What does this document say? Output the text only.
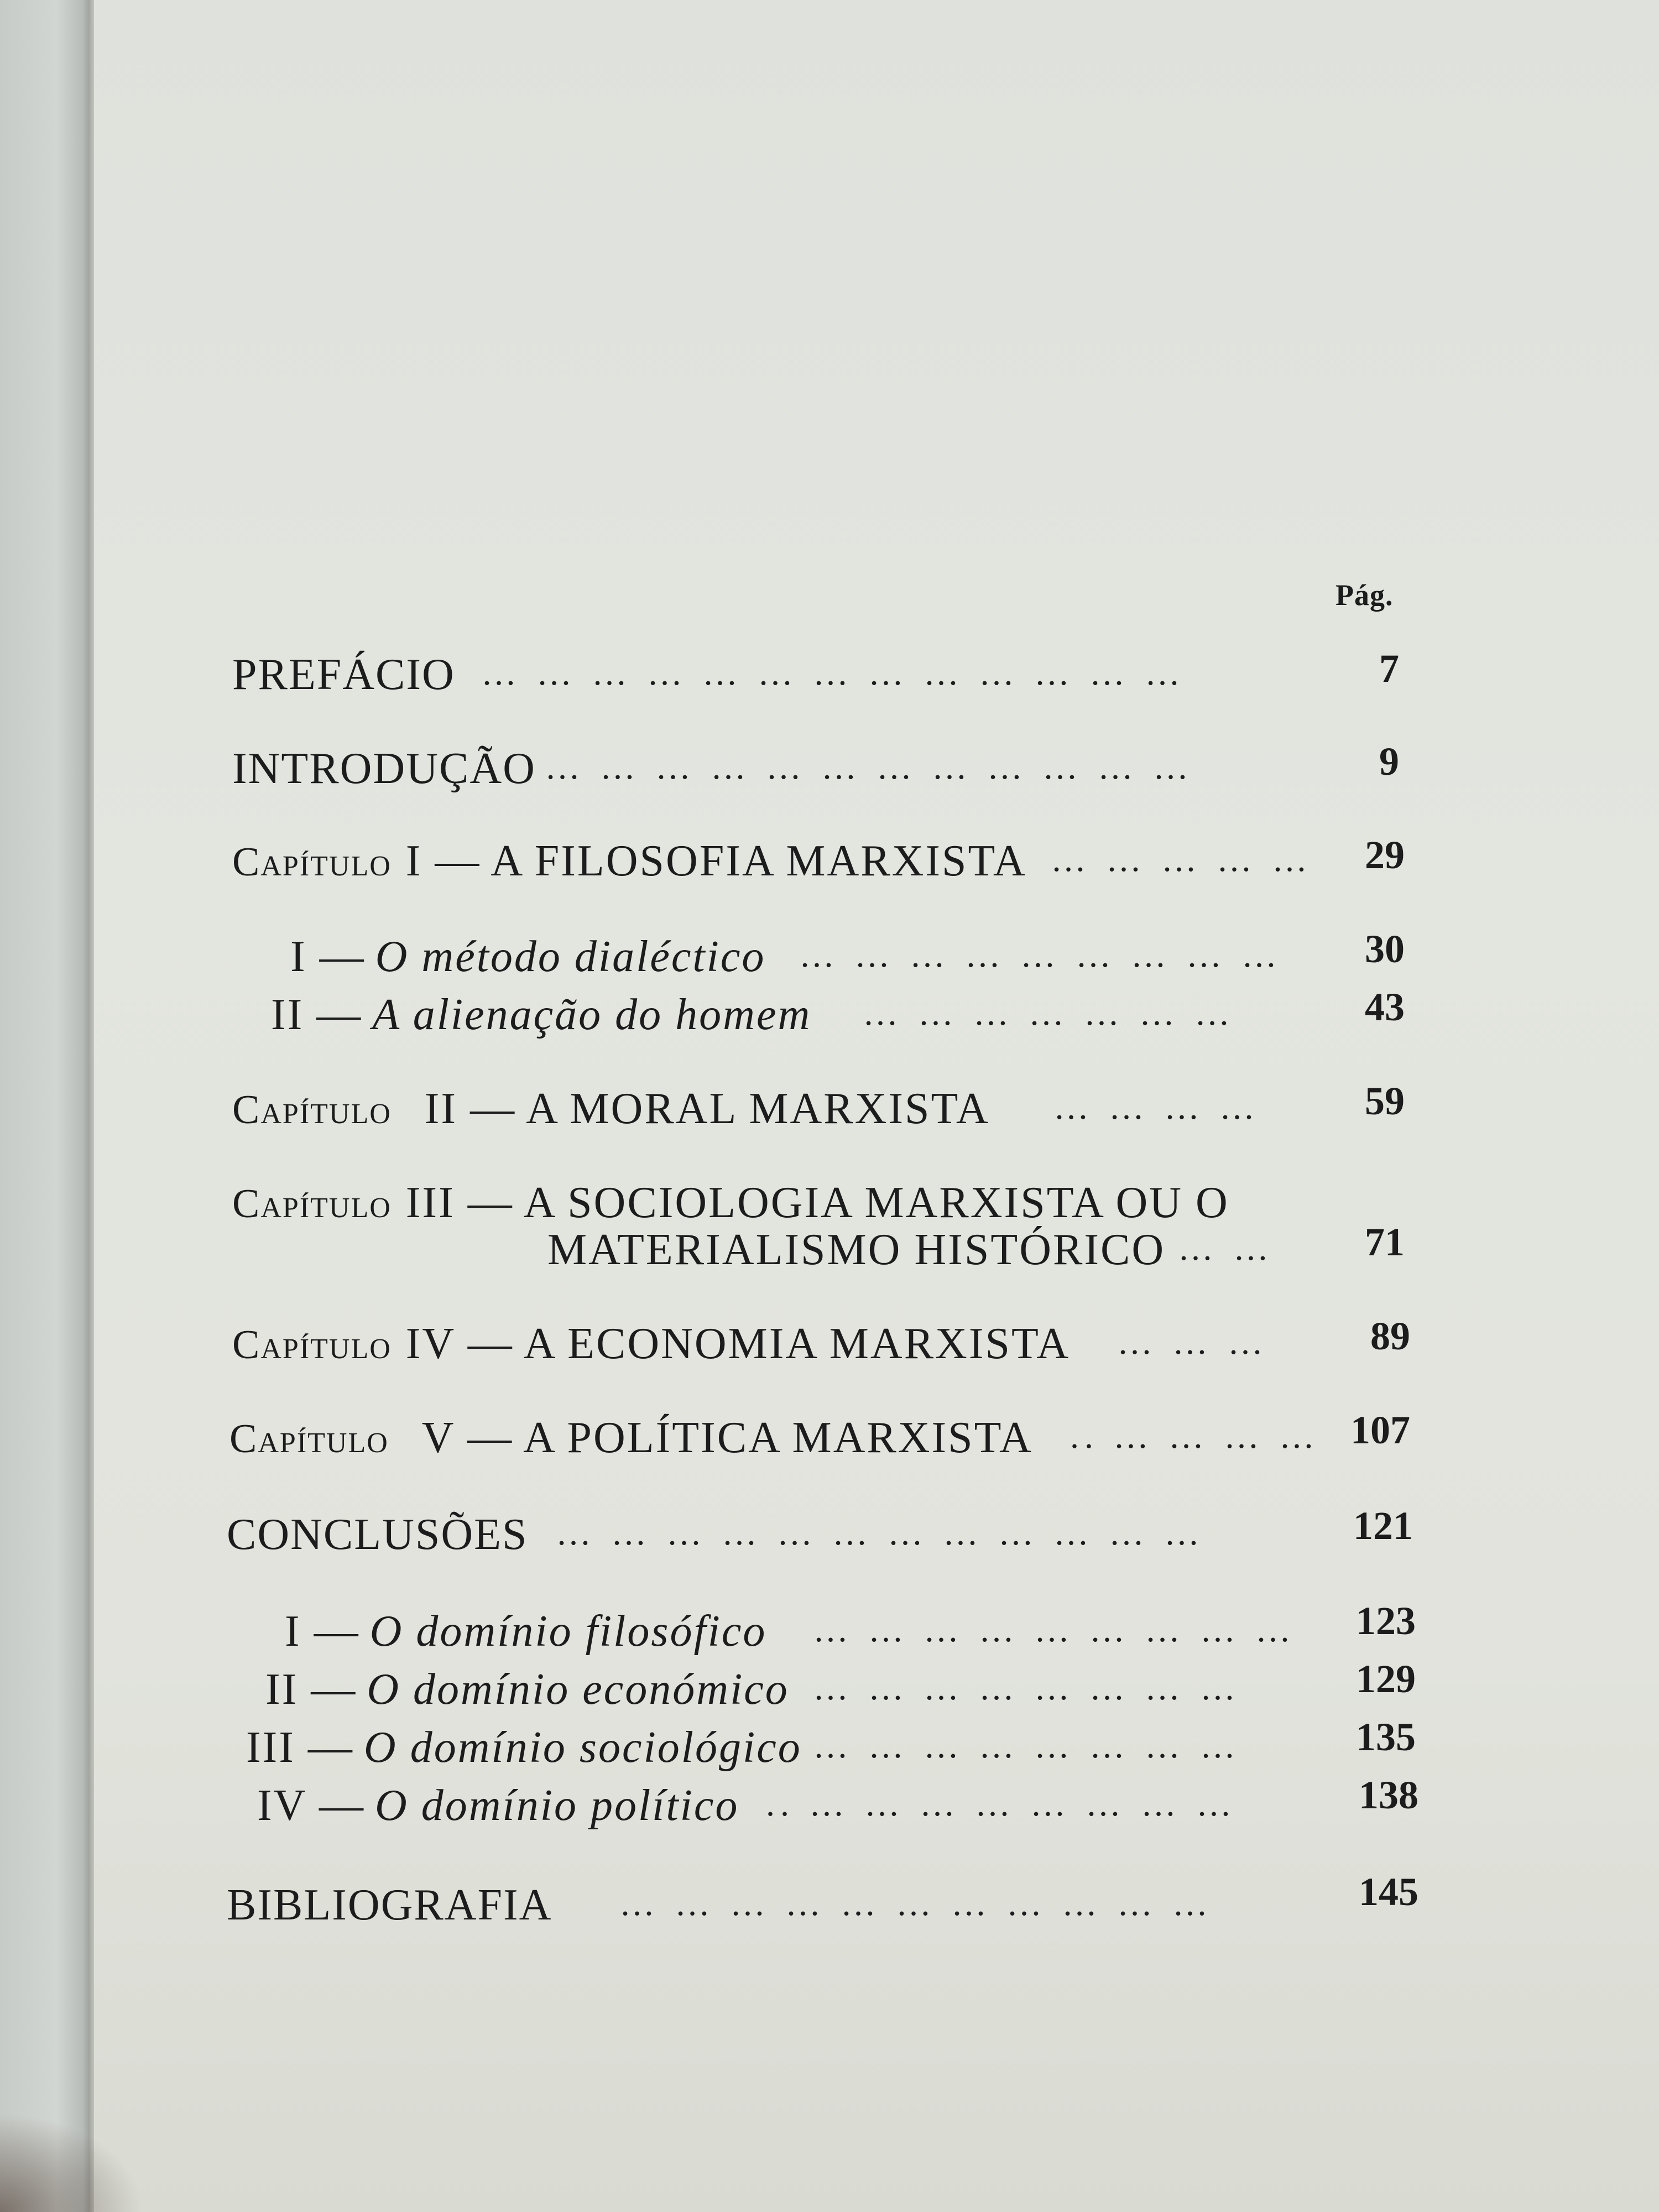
Pág.
PREFÁCIO … … … … … … … … … … … … …	7
INTRODUÇÃO … … … … … … … … … … … …	9
Capítulo I — A FILOSOFIA MARXISTA … … … … …	29
I — O método dialéctico … … … … … … … … …	30
II — A alienação do homem … … … … … … …	43
Capítulo II — A MORAL MARXISTA … … … …	59
Capítulo III — A SOCIOLOGIA MARXISTA OU O
MATERIALISMO HISTÓRICO … …	71
Capítulo IV — A ECONOMIA MARXISTA … … …	89
Capítulo V — A POLÍTICA MARXISTA .. … … … … 107
CONCLUSÕES … … … … … … … … … … … …	121
I — O domínio filosófico … … … … … … … … …	123
II — O domínio económico … … … … … … … …	129
III — O domínio sociológico … … … … … … … …	135
IV — O domínio político .. … … … … … … … …	138
BIBLIOGRAFIA … … … … … … … … … … …	145
